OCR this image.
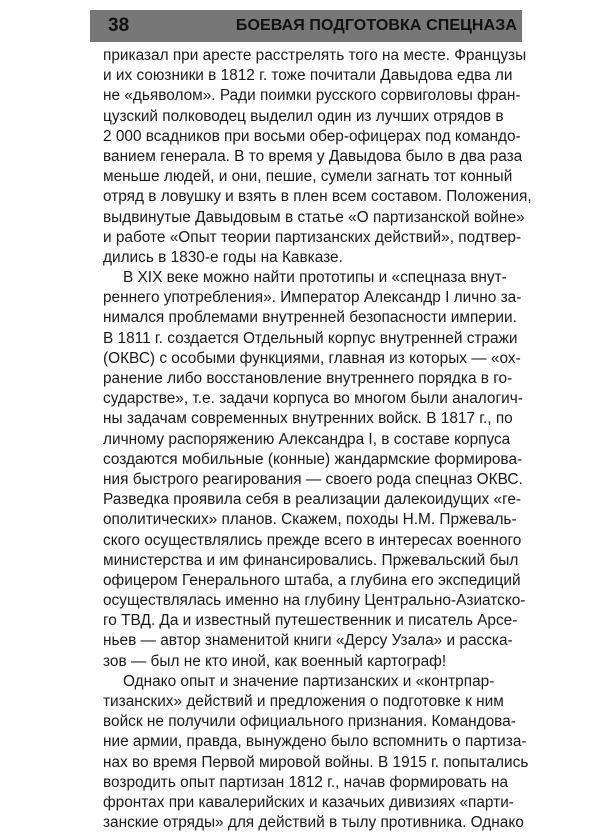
38	БОЕВАЯ ПОДГОТОВКА СПЕЦНАЗА
приказал при аресте расстрелять того на месте. Французы
и их союзники в 1812 г. тоже почитали Давыдова едва ли
не «дьяволом». Ради поимки русского сорвиголовы фран-
цузский полководец выделил один из лучших отрядов в
2 000 всадников при восьми обер-офицерах под командо-
ванием генерала. В то время у Давыдова было в два раза
меньше людей, и они, пешие, сумели загнать тот конный
отряд в ловушку и взять в плен всем составом. Положения,
выдвинутые Давыдовым в статье «О партизанской войне»
и работе «Опыт теории партизанских действий», подтвер-
дились в 1830-е годы на Кавказе.
В XIX веке можно найти прототипы и «спецназа внут-
реннего употребления». Император Александр I лично за-
нимался проблемами внутренней безопасности империи.
В 1811 г. создается Отдельный корпус внутренней стражи
(ОКВС) с особыми функциями, главная из которых — «ох-
ранение либо восстановление внутреннего порядка в го-
сударстве», т.е. задачи корпуса во многом были аналогич-
ны задачам современных внутренних войск. В 1817 г., по
личному распоряжению Александра I, в составе корпуса
создаются мобильные (конные) жандармские формирова-
ния быстрого реагирования — своего рода спецназ ОКВС.
Разведка проявила себя в реализации далекоидущих «ге-
ополитических» планов. Скажем, походы Н.М. Пржеваль-
ского осуществлялись прежде всего в интересах военного
министерства и им финансировались. Пржевальский был
офицером Генерального штаба, а глубина его экспедиций
осуществлялась именно на глубину Центрально-Азиатско-
го ТВД. Да и известный путешественник и писатель Арсе-
ньев — автор знаменитой книги «Дерсу Узала» и расска-
зов — был не кто иной, как военный картограф!
Однако опыт и значение партизанских и «контрпар-
тизанских» действий и предложения о подготовке к ним
войск не получили официального признания. Командова-
ние армии, правда, вынуждено было вспомнить о партиза-
нах во время Первой мировой войны. В 1915 г. попытались
возродить опыт партизан 1812 г., начав формировать на
фронтах при кавалерийских и казачьих дивизиях «парти-
занские отряды» для действий в тылу противника. Однако
